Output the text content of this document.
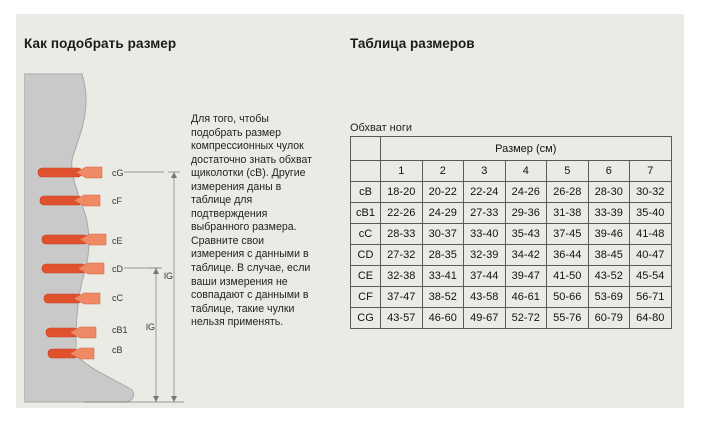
Как подобрать размер	Таблица размеров
cG
cF
cE
cD
cC
cB1
cB
lG
lG
Для того, чтобы
подобрать размер
компрессионных чулок
достаточно знать обхват
щиколотки (cB). Другие
измерения даны в
таблице для
подтверждения
выбранного размера.
Сравните свои
измерения с данными в
таблице. В случае, если
ваши измерения не
совпадают с данными в
таблице, такие чулки
нельзя применять.
Обхват ноги
	Размер (см)						
	1	2	3	4	5	6	7
cB	18-20	20-22	22-24	24-26	26-28	28-30	30-32
cB1	22-26	24-29	27-33	29-36	31-38	33-39	35-40
cC	28-33	30-37	33-40	35-43	37-45	39-46	41-48
CD	27-32	28-35	32-39	34-42	36-44	38-45	40-47
CE	32-38	33-41	37-44	39-47	41-50	43-52	45-54
CF	37-47	38-52	43-58	46-61	50-66	53-69	56-71
CG	43-57	46-60	49-67	52-72	55-76	60-79	64-80
